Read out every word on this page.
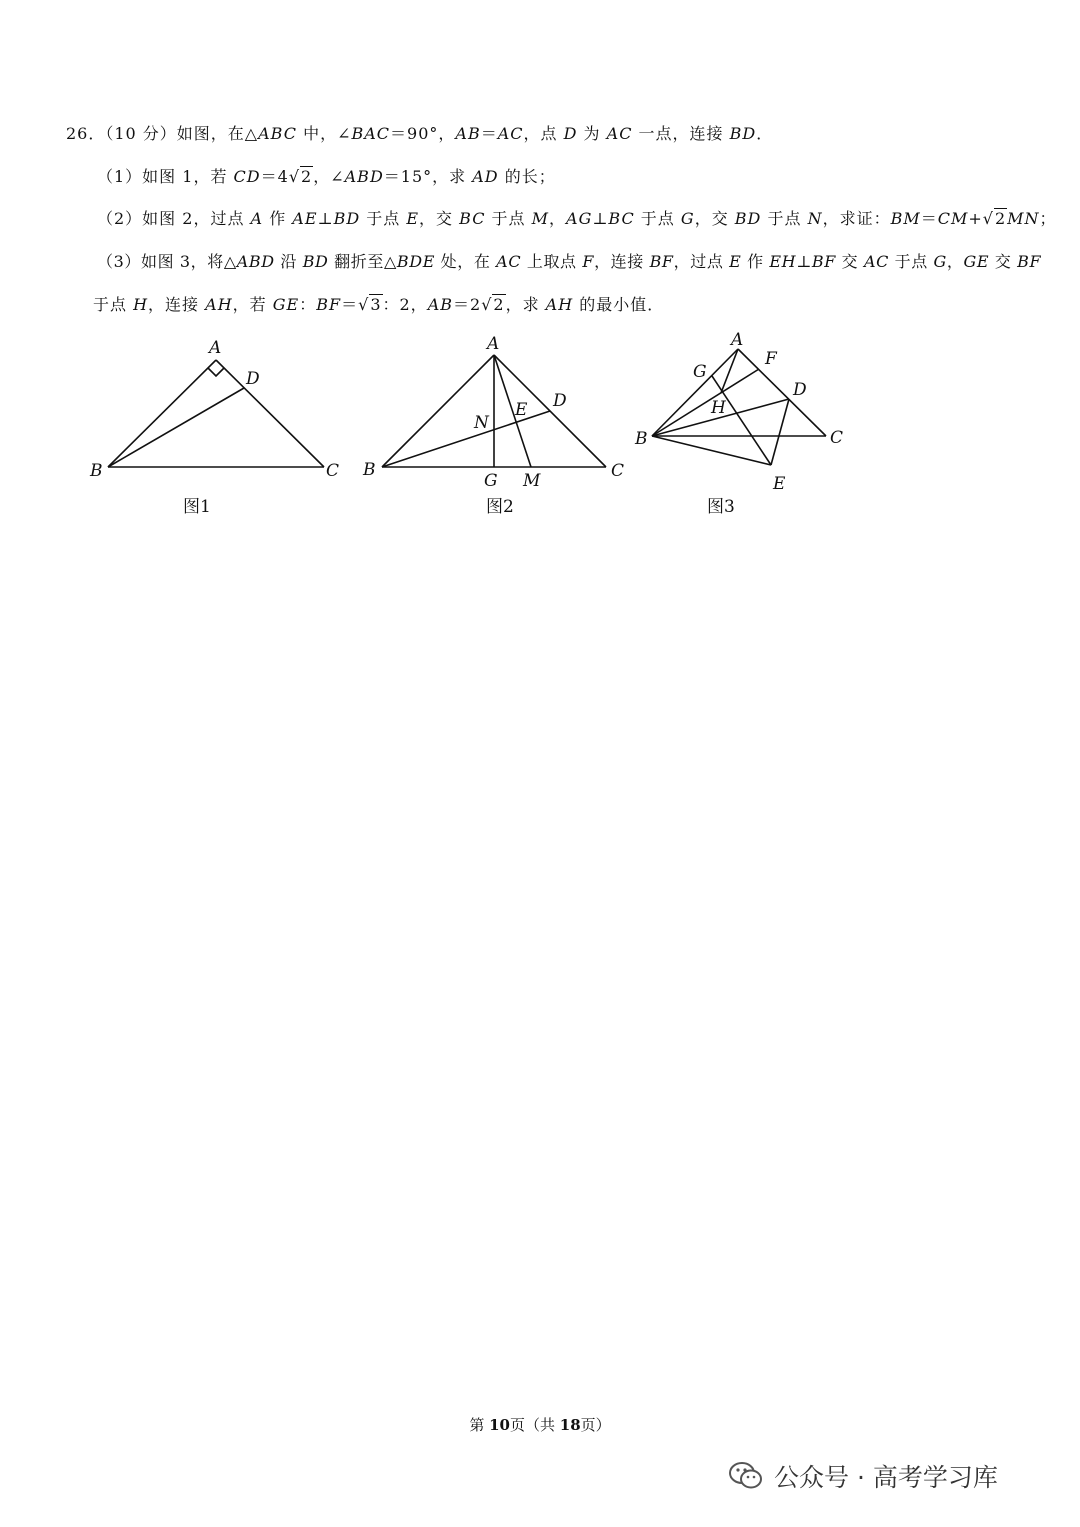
26．（10 分）如图，在△ABC 中，∠BAC＝90°，AB＝AC，点 D 为 AC 一点，连接 BD．
（1）如图 1，若 CD＝4√2，∠ABD＝15°，求 AD 的长；
（2）如图 2，过点 A 作 AE⊥BD 于点 E，交 BC 于点 M，AG⊥BC 于点 G，交 BD 于点 N，求证：BM＝CM+√2MN；
（3）如图 3，将△ABD 沿 BD 翻折至△BDE 处，在 AC 上取点 F，连接 BF，过点 E 作 EH⊥BF 交 AC 于点 G，GE 交 BF
于点 H，连接 AH，若 GE：BF＝√3：2，AB＝2√2，求 AH 的最小值．
A
D
B	C
图1
A
D
E
N
B	C
G M
图2
A
F
G
D
H
B	C
E
图3
第 10页（共 18页）
公众号 · 高考学习库
